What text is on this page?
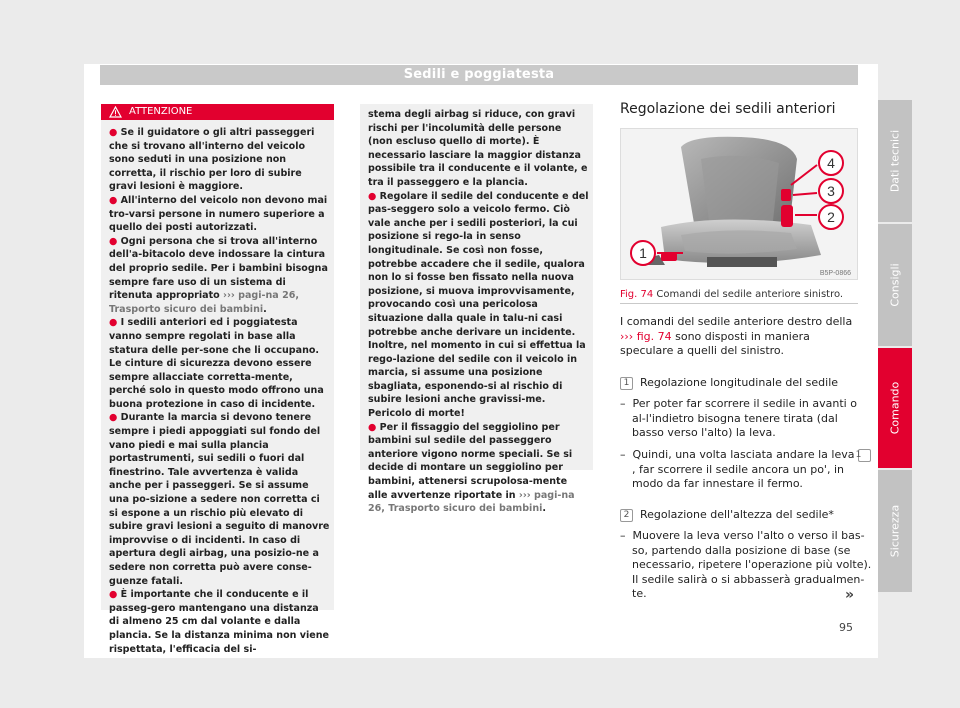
Sedili e poggiatesta
ATTENZIONE

● Se il guidatore o gli altri passeggeri che si trovano all'interno del veicolo sono seduti in una posizione non corretta, il rischio per loro di subire gravi lesioni è maggiore.

● All'interno del veicolo non devono mai tro-varsi persone in numero superiore a quello dei posti autorizzati.

● Ogni persona che si trova all'interno dell'a-bitacolo deve indossare la cintura del proprio sedile. Per i bambini bisogna sempre fare uso di un sistema di ritenuta appropriato ››› pagi-na 26, Trasporto sicuro dei bambini.

● I sedili anteriori ed i poggiatesta vanno sempre regolati in base alla statura delle per-sone che li occupano. Le cinture di sicurezza devono essere sempre allacciate corretta-mente, perché solo in questo modo offrono una buona protezione in caso di incidente.

● Durante la marcia si devono tenere sempre i piedi appoggiati sul fondo del vano piedi e mai sulla plancia portastrumenti, sui sedili o fuori dal finestrino. Tale avvertenza è valida anche per i passeggeri. Se si assume una po-sizione a sedere non corretta ci si espone a un rischio più elevato di subire gravi lesioni a seguito di manovre improvvise o di incidenti. In caso di apertura degli airbag, una posizio-ne a sedere non corretta può avere conse-guenze fatali.

● È importante che il conducente e il passeg-gero mantengano una distanza di almeno 25 cm dal volante e dalla plancia. Se la distanza minima non viene rispettata, l'efficacia del si-

stema degli airbag si riduce, con gravi rischi per l'incolumità delle persone (non escluso quello di morte). È necessario lasciare la maggior distanza possibile tra il conducente e il volante, e tra il passeggero e la plancia.

● Regolare il sedile del conducente e del pas-seggero solo a veicolo fermo. Ciò vale anche per i sedili posteriori, la cui posizione si rego-la in senso longitudinale. Se così non fosse, potrebbe accadere che il sedile, qualora non lo si fosse ben fissato nella nuova posizione, si muova improvvisamente, provocando così una pericolosa situazione dalla quale in talu-ni casi potrebbe anche derivare un incidente. Inoltre, nel momento in cui si effettua la rego-lazione del sedile con il veicolo in marcia, si assume una posizione sbagliata, esponendo-si al rischio di subire lesioni anche gravissi-me. Pericolo di morte!

● Per il fissaggio del seggiolino per bambini sul sedile del passeggero anteriore vigono norme speciali. Se si decide di montare un seggiolino per bambini, attenersi scrupolosa-mente alle avvertenze riportate in ››› pagi-na 26, Trasporto sicuro dei bambini.

Regolazione dei sedili anteriori
1
2
3
4
B5P-0866
Fig. 74 Comandi del sedile anteriore sinistro.
I comandi del sedile anteriore destro della ››› fig. 74 sono disposti in maniera speculare a quelli del sinistro.
1 Regolazione longitudinale del sedile
–  Per poter far scorrere il sedile in avanti o al-l'indietro bisogna tenere tirata (dal basso verso l'alto) la leva.
–  Quindi, una volta lasciata andare la leva 1, far scorrere il sedile ancora un po', in modo da far innestare il fermo.
2 Regolazione dell'altezza del sedile*
–  Muovere la leva verso l'alto o verso il bas-so, partendo dalla posizione di base (se necessario, ripetere l'operazione più volte). Il sedile salirà o si abbasserà gradualmen-te.	»
95
Dati tecnici
Consigli
Comando
Sicurezza
